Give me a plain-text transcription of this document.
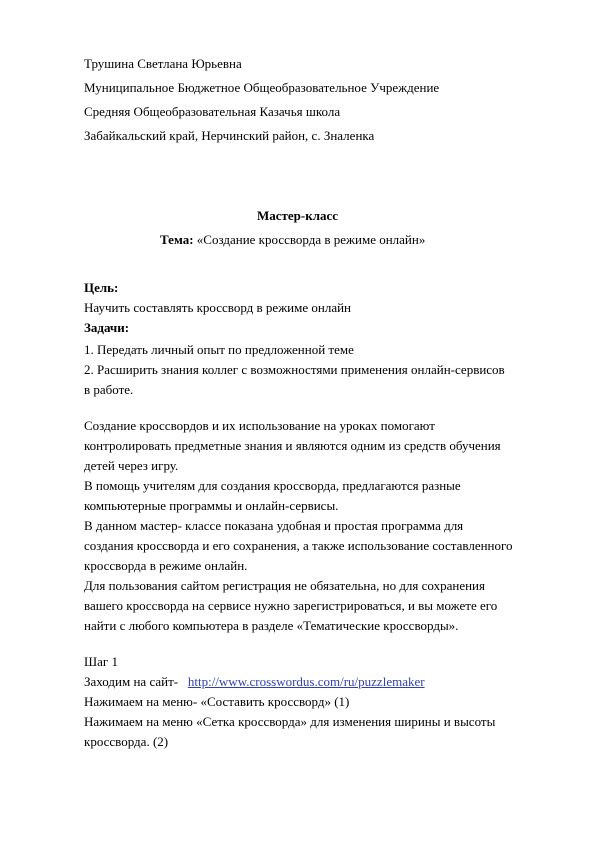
Трушина Светлана Юрьевна
Муниципальное Бюджетное Общеобразовательное Учреждение
Средняя Общеобразовательная Казачья школа
Забайкальский край, Нерчинский район, с. Зналенка
Мастер-класс
Тема: «Создание кроссворда в режиме онлайн»
Цель:
Научить составлять кроссворд в режиме онлайн
Задачи:
1. Передать личный опыт по предложенной теме
2. Расширить знания коллег с возможностями применения онлайн-сервисов
в работе.
Создание кроссвордов и их использование на уроках помогают
контролировать предметные знания и являются одним из средств обучения
детей через игру.
В помощь учителям для создания кроссворда, предлагаются разные
компьютерные программы и онлайн-сервисы.
В данном мастер- классе показана удобная и простая программа для
создания кроссворда и его сохранения, а также использование составленного
кроссворда в режиме онлайн.
Для пользования сайтом регистрация не обязательна, но для сохранения
вашего кроссворда на сервисе нужно зарегистрироваться, и вы можете его
найти с любого компьютера в разделе «Тематические кроссворды».
Шаг 1
Заходим на сайт-   http://www.crosswordus.com/ru/puzzlemaker
Нажимаем на меню- «Составить кроссворд» (1)
Нажимаем на меню «Сетка кроссворда» для изменения ширины и высоты
кроссворда. (2)
